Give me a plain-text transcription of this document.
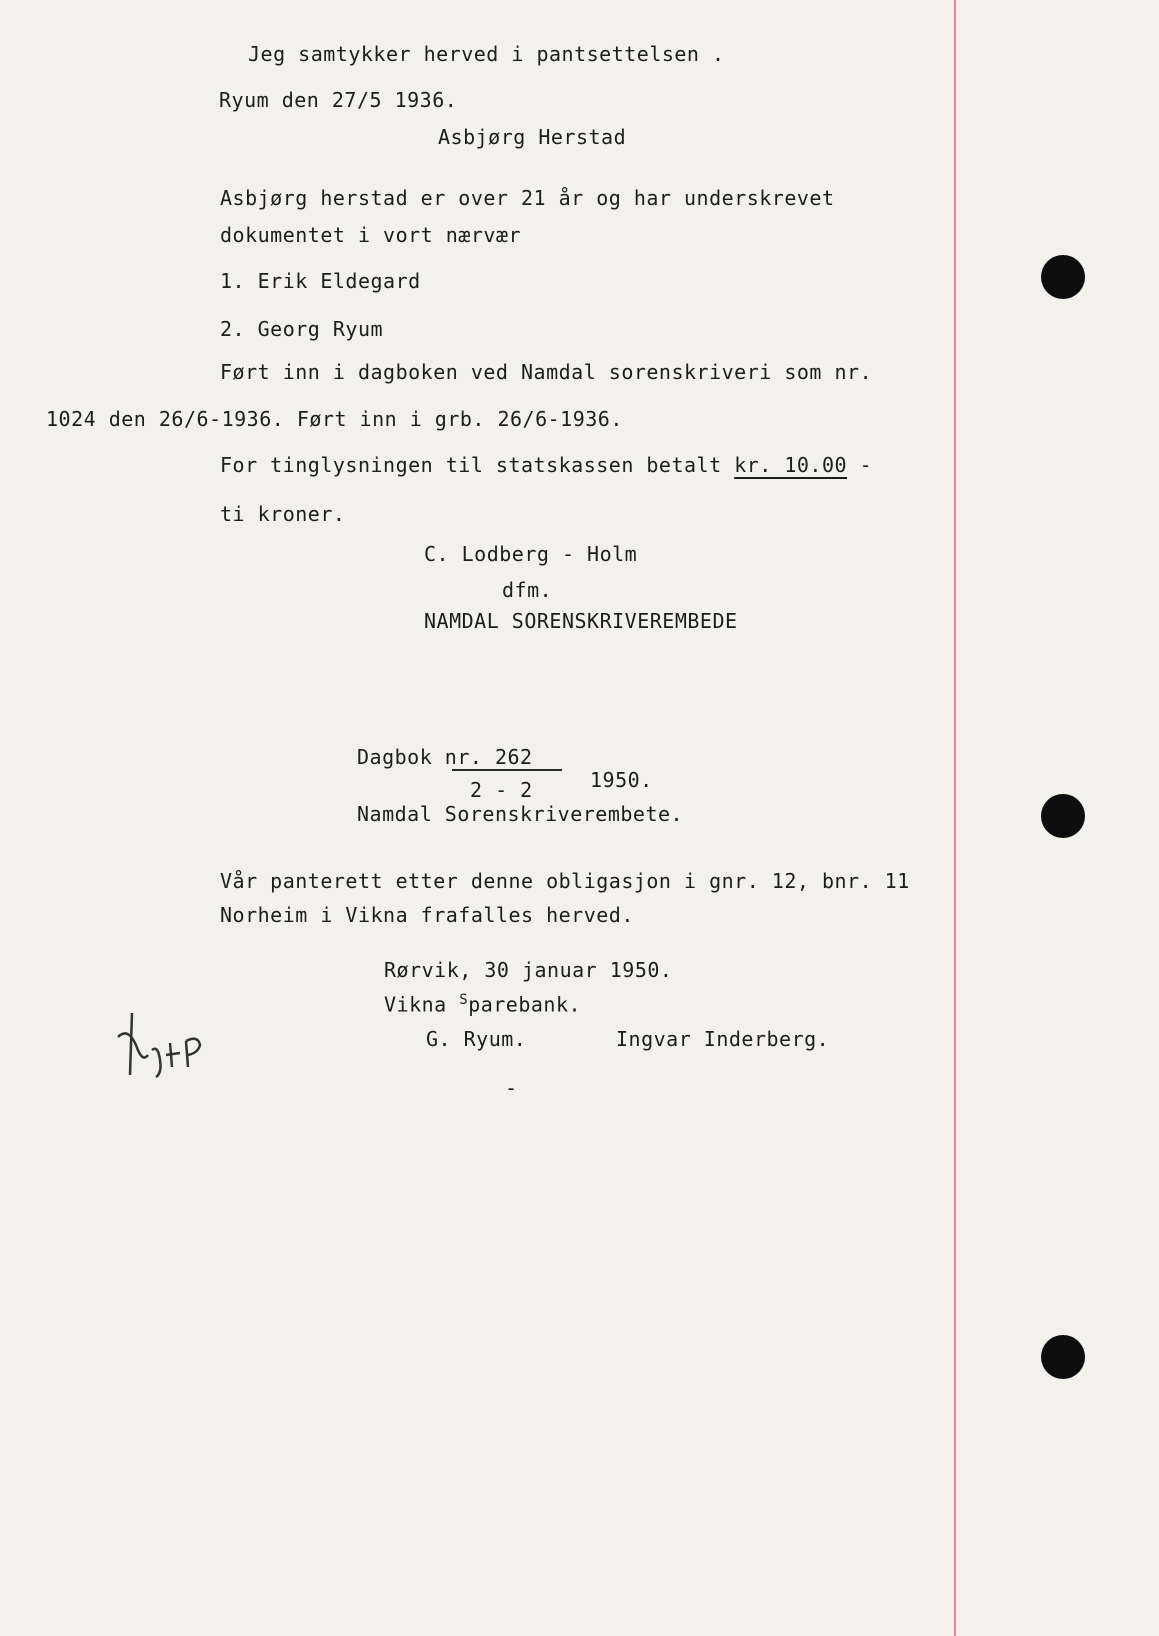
Jeg samtykker herved i pantsettelsen .
Ryum den 27/5 1936.
Asbjørg Herstad
Asbjørg herstad er over 21 år og har underskrevet
dokumentet i vort nærvær
1. Erik Eldegard
2. Georg Ryum
Ført inn i dagboken ved Namdal sorenskriveri som nr.
1024 den 26/6-1936. Ført inn i grb. 26/6-1936.
For tinglysningen til statskassen betalt kr. 10.00 -
ti kroner.
C. Lodberg - Holm
dfm.
NAMDAL SORENSKRIVEREMBEDE
Dagbok nr. 262
2 - 2	1950.
Namdal Sorenskriverembete.
Vår panterett etter denne obligasjon i gnr. 12, bnr. 11
Norheim i Vikna frafalles herved.
Rørvik, 30 januar 1950.
Vikna $^S$parebank.
G. Ryum.	Ingvar Inderberg.
-
